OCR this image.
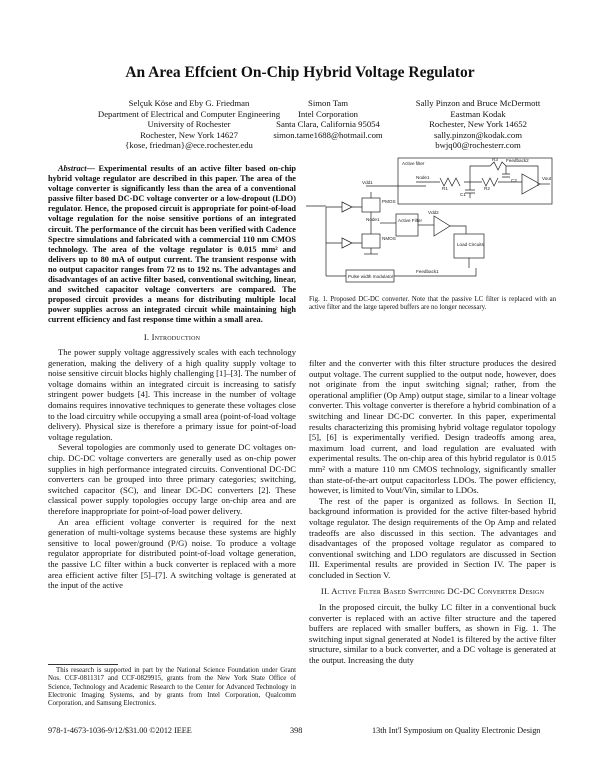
An Area Effcient On-Chip Hybrid Voltage Regulator
Selçuk Köse and Eby G. Friedman
Department of Electrical and Computer Engineering
University of Rochester
Rochester, New York 14627
{kose, friedman}@ece.rochester.edu
Simon Tam
Intel Corporation
Santa Clara, California 95054
simon.tame1688@hotmail.com
Sally Pinzon and Bruce McDermott
Eastman Kodak
Rochester, New York 14652
sally.pinzon@kodak.com
bwjq00@rochesterr.com

Abstract— Experimental results of an active filter based on-chip hybrid voltage regulator are described in this paper. The area of the voltage converter is significantly less than the area of a conventional passive filter based DC-DC voltage converter or a low-dropout (LDO) regulator. Hence, the proposed circuit is appropriate for point-of-load voltage regulation for the noise sensitive portions of an integrated circuit. The performance of the circuit has been verified with Cadence Spectre simulations and fabricated with a commercial 110 nm CMOS technology. The area of the voltage regulator is 0.015 mm² and delivers up to 80 mA of output current. The transient response with no output capacitor ranges from 72 ns to 192 ns. The advantages and disadvantages of an active filter based, conventional switching, linear, and switched capacitor voltage converters are compared. The proposed circuit provides a means for distributing multiple local power supplies across an integrated circuit while maintaining high current efficiency and fast response time within a small area.

I. Introduction

The power supply voltage aggressively scales with each technology generation, making the delivery of a high quality supply voltage to noise sensitive circuit blocks highly challenging [1]–[3]. The number of voltage domains within an integrated circuit is increasing to satisfy stringent power budgets [4]. This increase in the number of voltage domains requires innovative techniques to generate these voltages close to the load circuitry while occupying a small area (point-of-load voltage delivery). Physical size is therefore a primary issue for point-of-load voltage regulation.

Several topologies are commonly used to generate DC voltages on-chip. DC-DC voltage converters are generally used as on-chip power supplies in high performance integrated circuits. Conventional DC-DC converters can be grouped into three primary categories; switching, switched capacitor (SC), and linear DC-DC converters [2]. These classical power supply topologies occupy large on-chip area and are therefore inappropriate for point-of-load power delivery.

An area efficient voltage converter is required for the next generation of multi-voltage systems because these systems are highly sensitive to local power/ground (P/G) noise. To produce a voltage regulator appropriate for distributed point-of-load voltage generation, the passive LC filter within a buck converter is replaced with a more area efficient active filter [5]–[7]. A switching voltage is generated at the input of the active

Active filter
Feedback2
Node1
R1	R2
R3
C1
C2	Vout
Vdd1
PMOS
NMOS
Node1	Active Filter
Vdd2
Load Circuits
Pulse width modulator
Feedback1
Fig. 1. Proposed DC-DC converter. Note that the passive LC filter is replaced with an active filter and the large tapered buffers are no longer necessary.

filter and the converter with this filter structure produces the desired output voltage. The current supplied to the output node, however, does not originate from the input switching signal; rather, from the operational amplifier (Op Amp) output stage, similar to a linear voltage converter. This voltage converter is therefore a hybrid combination of a switching and linear DC-DC converter. In this paper, experimental results characterizing this promising hybrid voltage regulator topology [5], [6] is experimentally verified. Design tradeoffs among area, maximum load current, and load regulation are evaluated with experimental results. The on-chip area of this hybrid regulator is 0.015 mm² with a mature 110 nm CMOS technology, significantly smaller than state-of-the-art output capacitorless LDOs. The power efficiency, however, is limited to Vout/Vin, similar to LDOs.

The rest of the paper is organized as follows. In Section II, background information is provided for the active filter-based hybrid voltage regulator. The design requirements of the Op Amp and related tradeoffs are also discussed in this section. The advantages and disadvantages of the proposed voltage regulator as compared to conventional switching and LDO regulators are discussed in Section III. Experimental results are provided in Section IV. The paper is concluded in Section V.

II. Active Filter Based Switching DC-DC Converter Design

In the proposed circuit, the bulky LC filter in a conventional buck converter is replaced with an active filter structure and the tapered buffers are replaced with smaller buffers, as shown in Fig. 1. The switching input signal generated at Node1 is filtered by the active filter structure, similar to a buck converter, and a DC voltage is generated at the output. Increasing the duty

This research is supported in part by the National Science Foundation under Grant Nos. CCF-0811317 and CCF-0829915, grants from the New York State Office of Science, Technology and Academic Research to the Center for Advanced Technology in Electronic Imaging Systems, and by grants from Intel Corporation, Qualcomm Corporation, and Samsung Electronics.

978-1-4673-1036-9/12/$31.00 ©2012 IEEE	398	13th Int'l Symposium on Quality Electronic Design
